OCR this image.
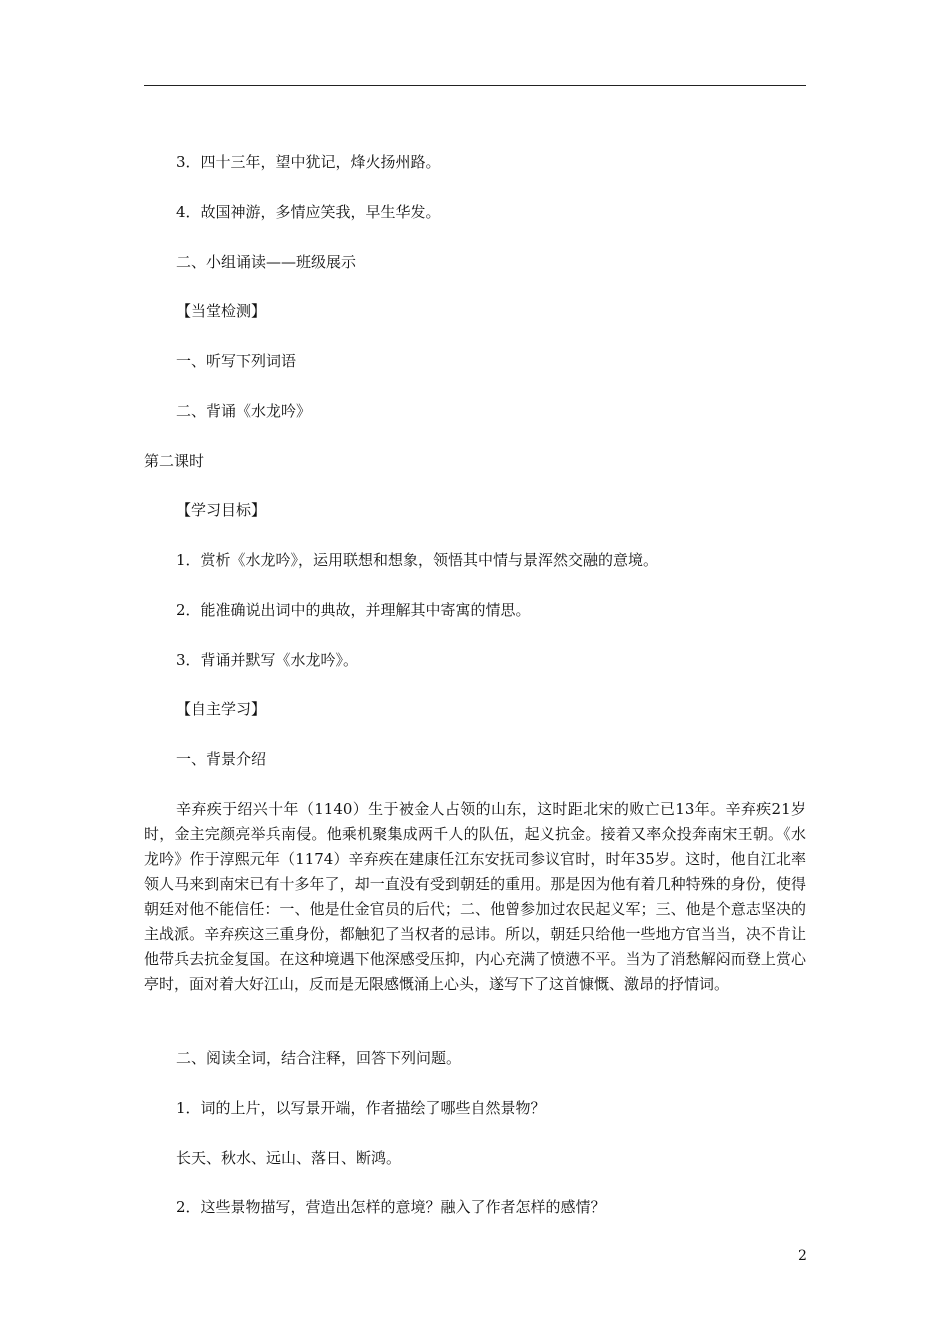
3．四十三年，望中犹记，烽火扬州路。

4．故国神游，多情应笑我，早生华发。

二、小组诵读——班级展示

【当堂检测】

一、听写下列词语

二、背诵《水龙吟》

第二课时

【学习目标】

1．赏析《水龙吟》，运用联想和想象，领悟其中情与景浑然交融的意境。

2．能准确说出词中的典故，并理解其中寄寓的情思。

3．背诵并默写《水龙吟》。

【自主学习】

一、背景介绍

辛弃疾于绍兴十年（1140）生于被金人占领的山东，这时距北宋的败亡已13年。辛弃疾21岁时，金主完颜亮举兵南侵。他乘机聚集成两千人的队伍，起义抗金。接着又率众投奔南宋王朝。《水龙吟》作于淳熙元年（1174）辛弃疾在建康任江东安抚司参议官时，时年35岁。这时，他自江北率领人马来到南宋已有十多年了，却一直没有受到朝廷的重用。那是因为他有着几种特殊的身份，使得朝廷对他不能信任：一、他是仕金官员的后代；二、他曾参加过农民起义军；三、他是个意志坚决的主战派。辛弃疾这三重身份，都触犯了当权者的忌讳。所以，朝廷只给他一些地方官当当，决不肯让他带兵去抗金复国。在这种境遇下他深感受压抑，内心充满了愤懑不平。当为了消愁解闷而登上赏心亭时，面对着大好江山，反而是无限感慨涌上心头，遂写下了这首慷慨、激昂的抒情词。

二、阅读全词，结合注释，回答下列问题。

1．词的上片，以写景开端，作者描绘了哪些自然景物？

长天、秋水、远山、落日、断鸿。

2．这些景物描写，营造出怎样的意境？融入了作者怎样的感情？

2
